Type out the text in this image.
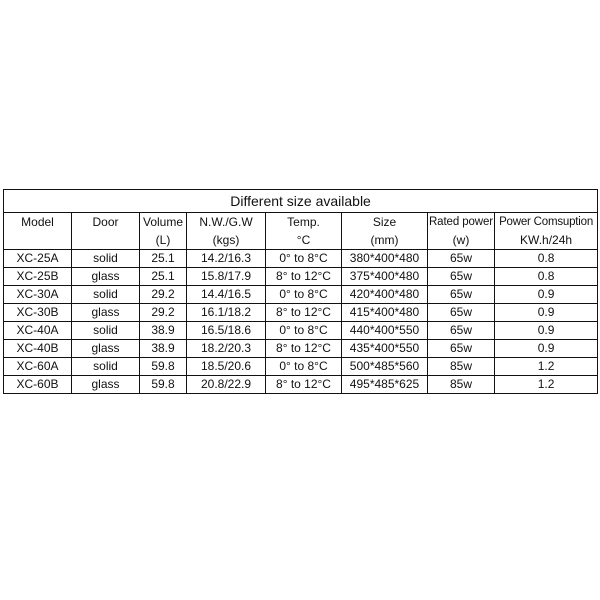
Different size available							
Model	Door	Volume	N.W./G.W	Temp.	Size	Rated power	Power Comsuption
		(L)	(kgs)	°C	(mm)	(w)	KW.h/24h
XC-25A	solid	25.1	14.2/16.3	0° to 8°C	380*400*480	65w	0.8
XC-25B	glass	25.1	15.8/17.9	8° to 12°C	375*400*480	65w	0.8
XC-30A	solid	29.2	14.4/16.5	0° to 8°C	420*400*480	65w	0.9
XC-30B	glass	29.2	16.1/18.2	8° to 12°C	415*400*480	65w	0.9
XC-40A	solid	38.9	16.5/18.6	0° to 8°C	440*400*550	65w	0.9
XC-40B	glass	38.9	18.2/20.3	8° to 12°C	435*400*550	65w	0.9
XC-60A	solid	59.8	18.5/20.6	0° to 8°C	500*485*560	85w	1.2
XC-60B	glass	59.8	20.8/22.9	8° to 12°C	495*485*625	85w	1.2
